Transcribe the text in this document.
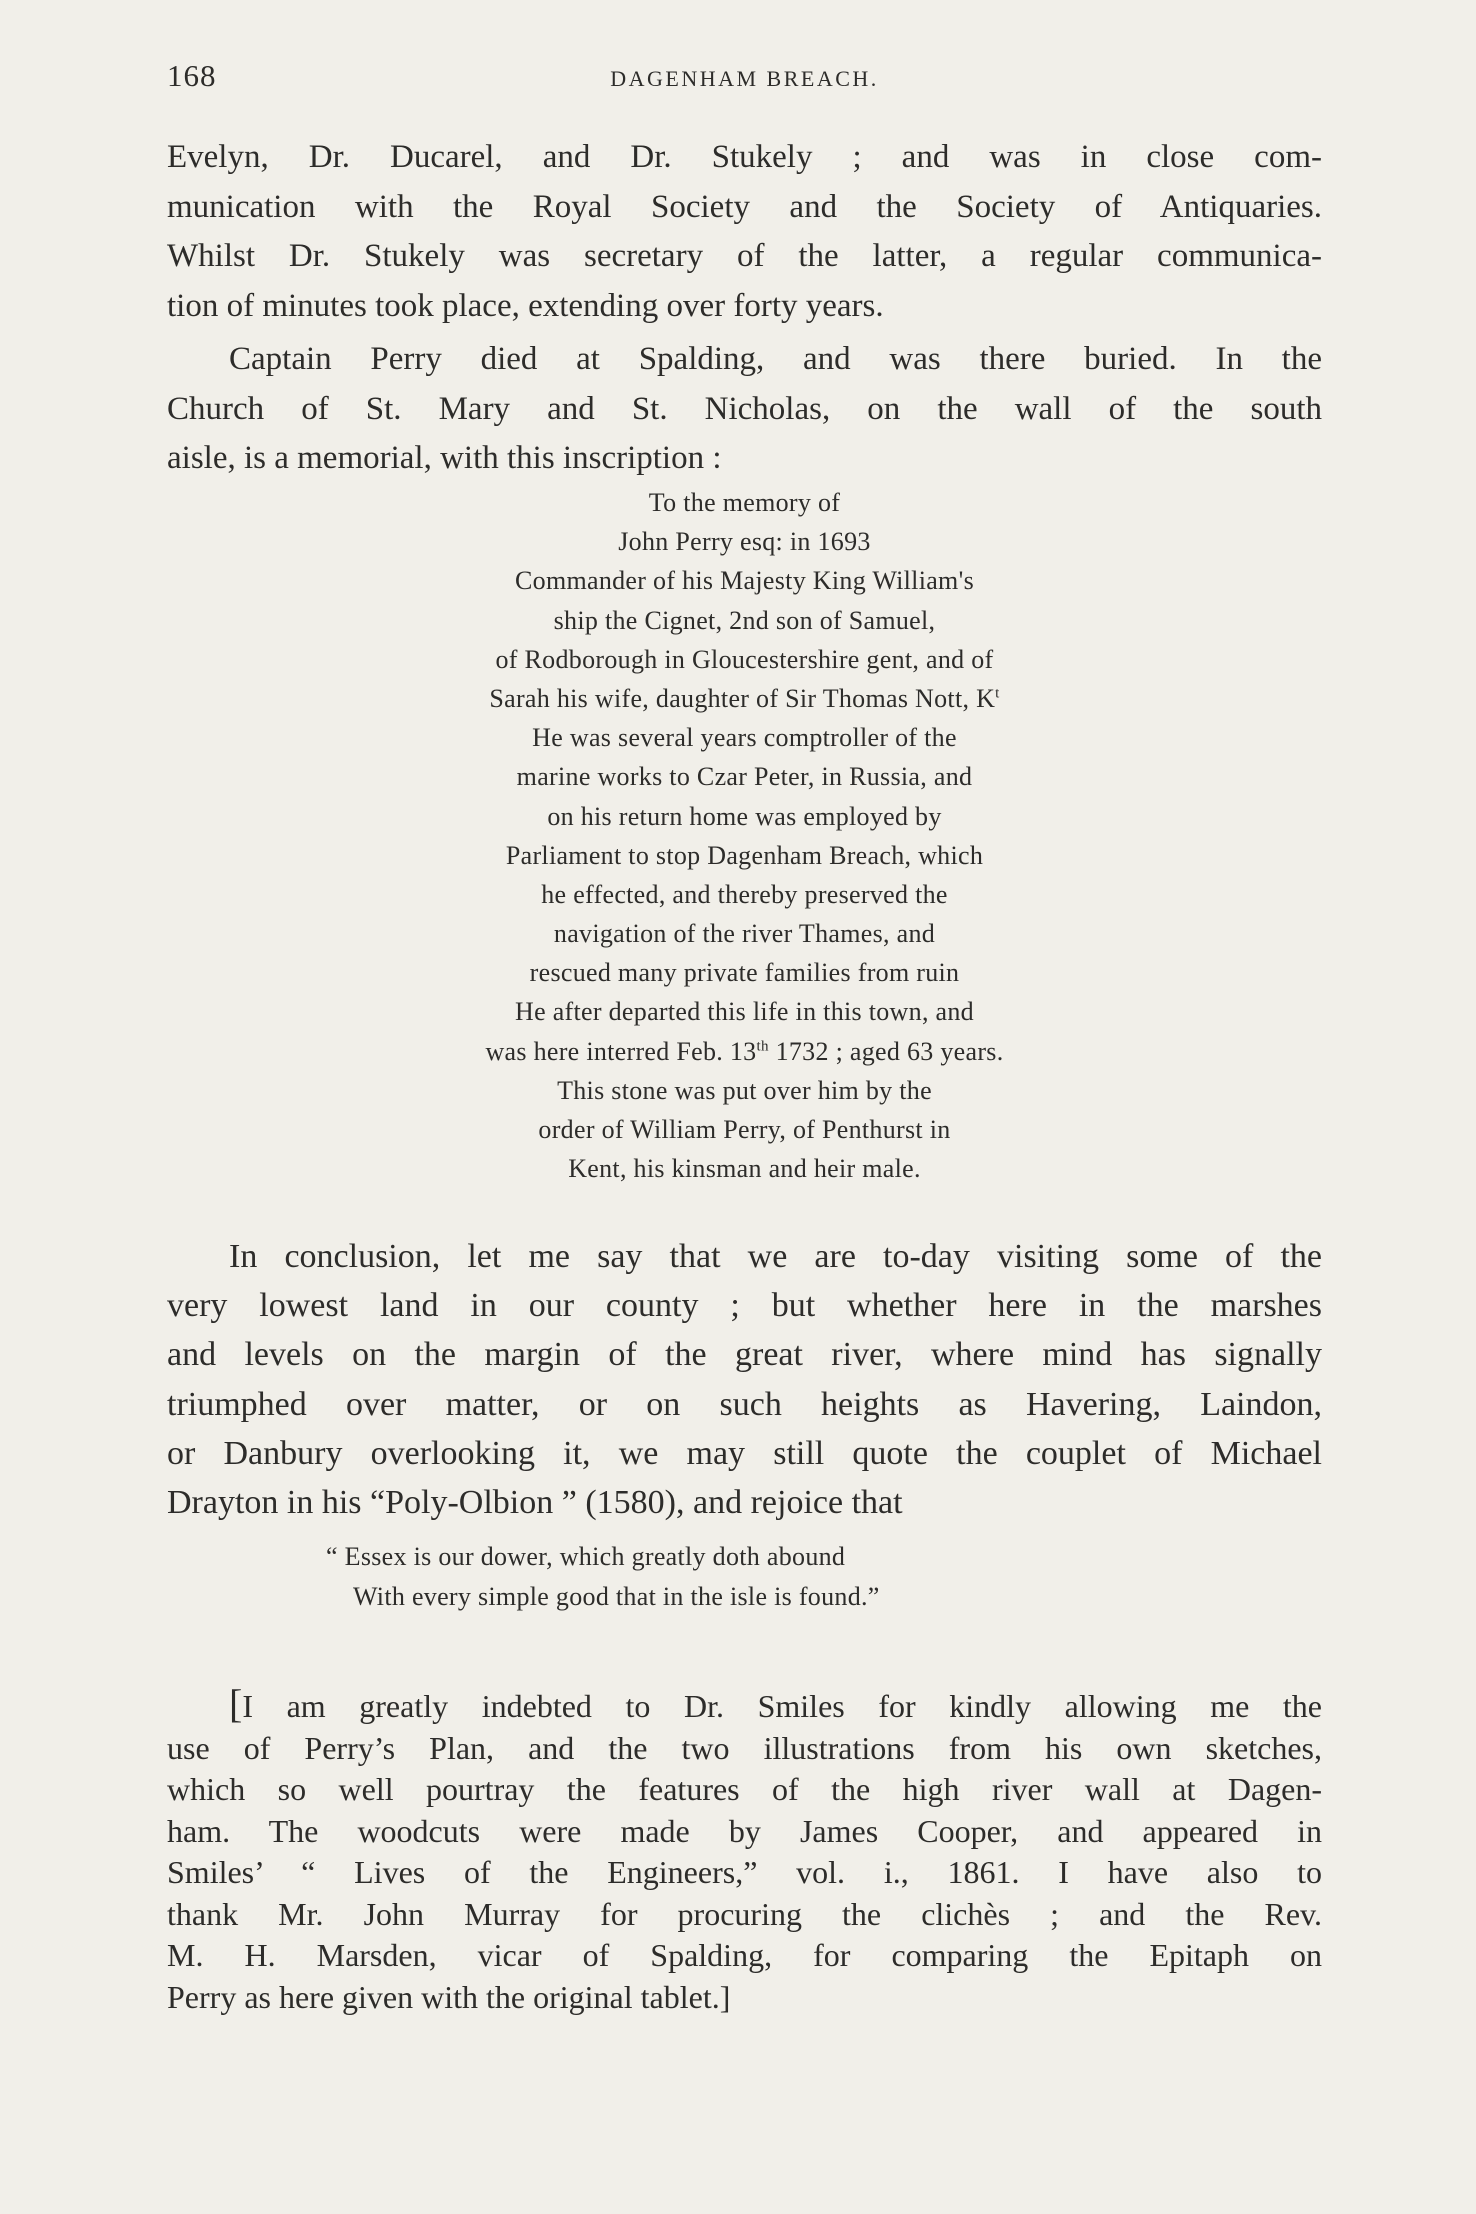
168	DAGENHAM BREACH.
Evelyn, Dr. Ducarel, and Dr. Stukely ; and was in close com-
munication with the Royal Society and the Society of Antiquaries.
Whilst Dr. Stukely was secretary of the latter, a regular communica-
tion of minutes took place, extending over forty years.
Captain Perry died at Spalding, and was there buried. In the
Church of St. Mary and St. Nicholas, on the wall of the south
aisle, is a memorial, with this inscription :
To the memory of
John Perry esq: in 1693
Commander of his Majesty King William's
ship the Cignet, 2nd son of Samuel,
of Rodborough in Gloucestershire gent, and of
Sarah his wife, daughter of Sir Thomas Nott, $K^t$
He was several years comptroller of the
marine works to Czar Peter, in Russia, and
on his return home was employed by
Parliament to stop Dagenham Breach, which
he effected, and thereby preserved the
navigation of the river Thames, and
rescued many private families from ruin
He after departed this life in this town, and
was here interred Feb. 13th 1732 ; aged 63 years.
This stone was put over him by the
order of William Perry, of Penthurst in
Kent, his kinsman and heir male.
In conclusion, let me say that we are to-day visiting some of the
very lowest land in our county ; but whether here in the marshes
and levels on the margin of the great river, where mind has signally
triumphed over matter, or on such heights as Havering, Laindon,
or Danbury overlooking it, we may still quote the couplet of Michael
Drayton in his “Poly-Olbion ” (1580), and rejoice that
“ Essex is our dower, which greatly doth abound
With every simple good that in the isle is found.”
[I am greatly indebted to Dr. Smiles for kindly allowing me the
use of Perry’s Plan, and the two illustrations from his own sketches,
which so well pourtray the features of the high river wall at Dagen-
ham. The woodcuts were made by James Cooper, and appeared in
Smiles’ “ Lives of the Engineers,” vol. i., 1861. I have also to
thank Mr. John Murray for procuring the clichès ; and the Rev.
M. H. Marsden, vicar of Spalding, for comparing the Epitaph on
Perry as here given with the original tablet.]
